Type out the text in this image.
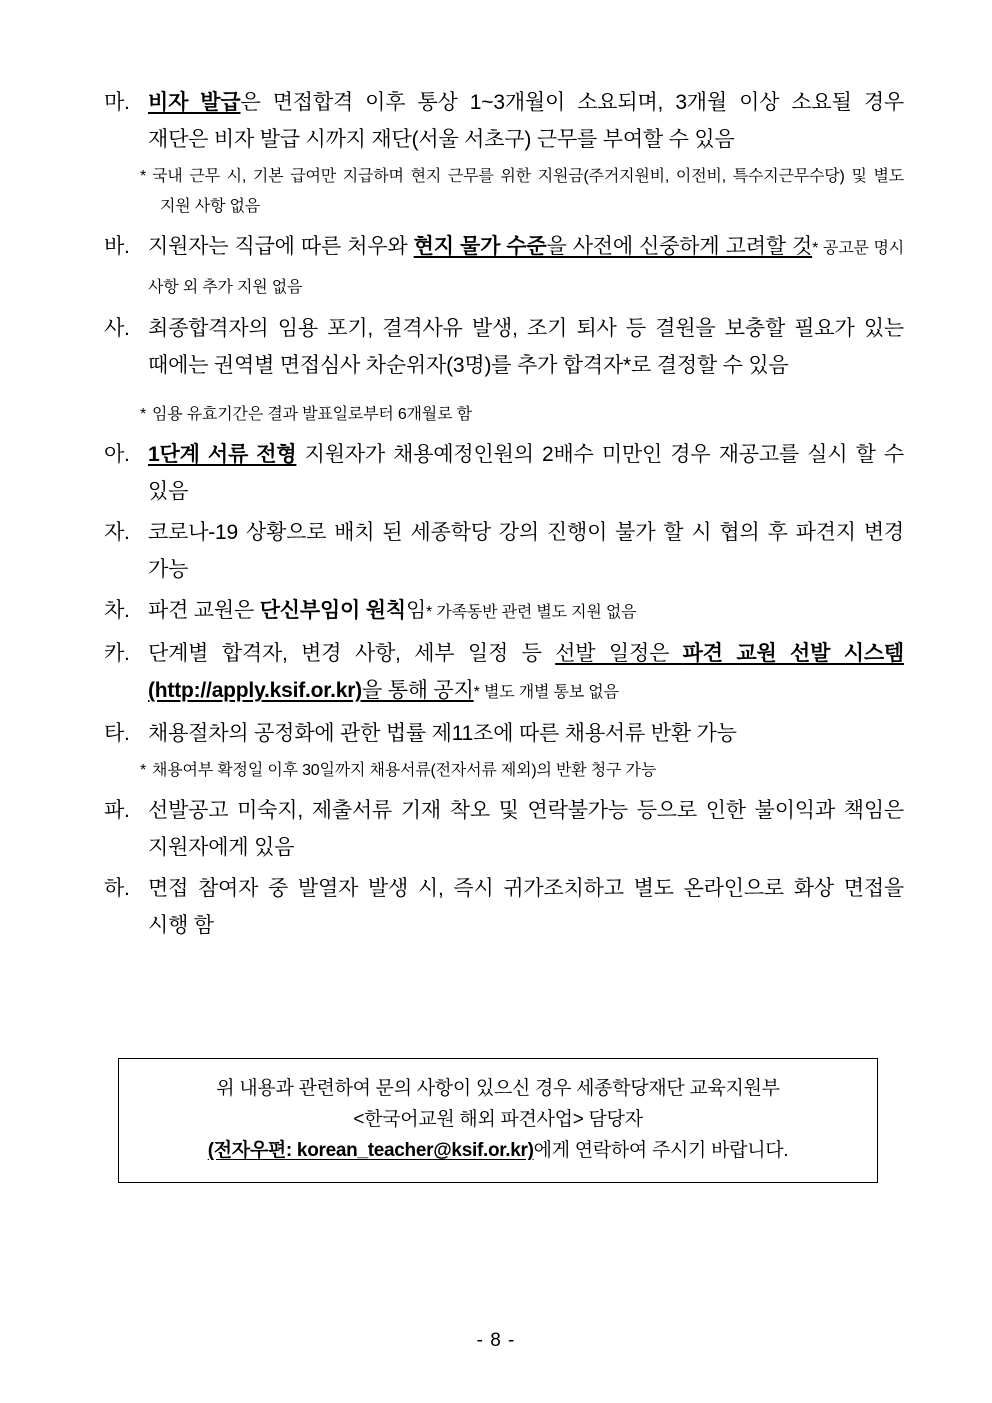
마. 비자 발급은 면접합격 이후 통상 1~3개월이 소요되며, 3개월 이상 소요될 경우 재단은 비자 발급 시까지 재단(서울 서초구) 근무를 부여할 수 있음
* 국내 근무 시, 기본 급여만 지급하며 현지 근무를 위한 지원금(주거지원비, 이전비, 특수지근무수당) 및 별도 지원 사항 없음
바. 지원자는 직급에 따른 처우와 현지 물가 수준을 사전에 신중하게 고려할 것* 공고문 명시 사항 외 추가 지원 없음
사. 최종합격자의 임용 포기, 결격사유 발생, 조기 퇴사 등 결원을 보충할 필요가 있는 때에는 권역별 면접심사 차순위자(3명)를 추가 합격자*로 결정할 수 있음
* 임용 유효기간은 결과 발표일로부터 6개월로 함
아. 1단계 서류 전형 지원자가 채용예정인원의 2배수 미만인 경우 재공고를 실시 할 수 있음
자. 코로나-19 상황으로 배치 된 세종학당 강의 진행이 불가 할 시 협의 후 파견지 변경 가능
차. 파견 교원은 단신부임이 원칙임* 가족동반 관련 별도 지원 없음
카. 단계별 합격자, 변경 사항, 세부 일정 등 선발 일정은 파견 교원 선발 시스템(http://apply.ksif.or.kr)을 통해 공지* 별도 개별 통보 없음
타. 채용절차의 공정화에 관한 법률 제11조에 따른 채용서류 반환 가능
* 채용여부 확정일 이후 30일까지 채용서류(전자서류 제외)의 반환 청구 가능
파. 선발공고 미숙지, 제출서류 기재 착오 및 연락불가능 등으로 인한 불이익과 책임은 지원자에게 있음
하. 면접 참여자 중 발열자 발생 시, 즉시 귀가조치하고 별도 온라인으로 화상 면접을 시행 함
위 내용과 관련하여 문의 사항이 있으신 경우 세종학당재단 교육지원부
<한국어교원 해외 파견사업> 담당자
(전자우편: korean_teacher@ksif.or.kr)에게 연락하여 주시기 바랍니다.
- 8 -
